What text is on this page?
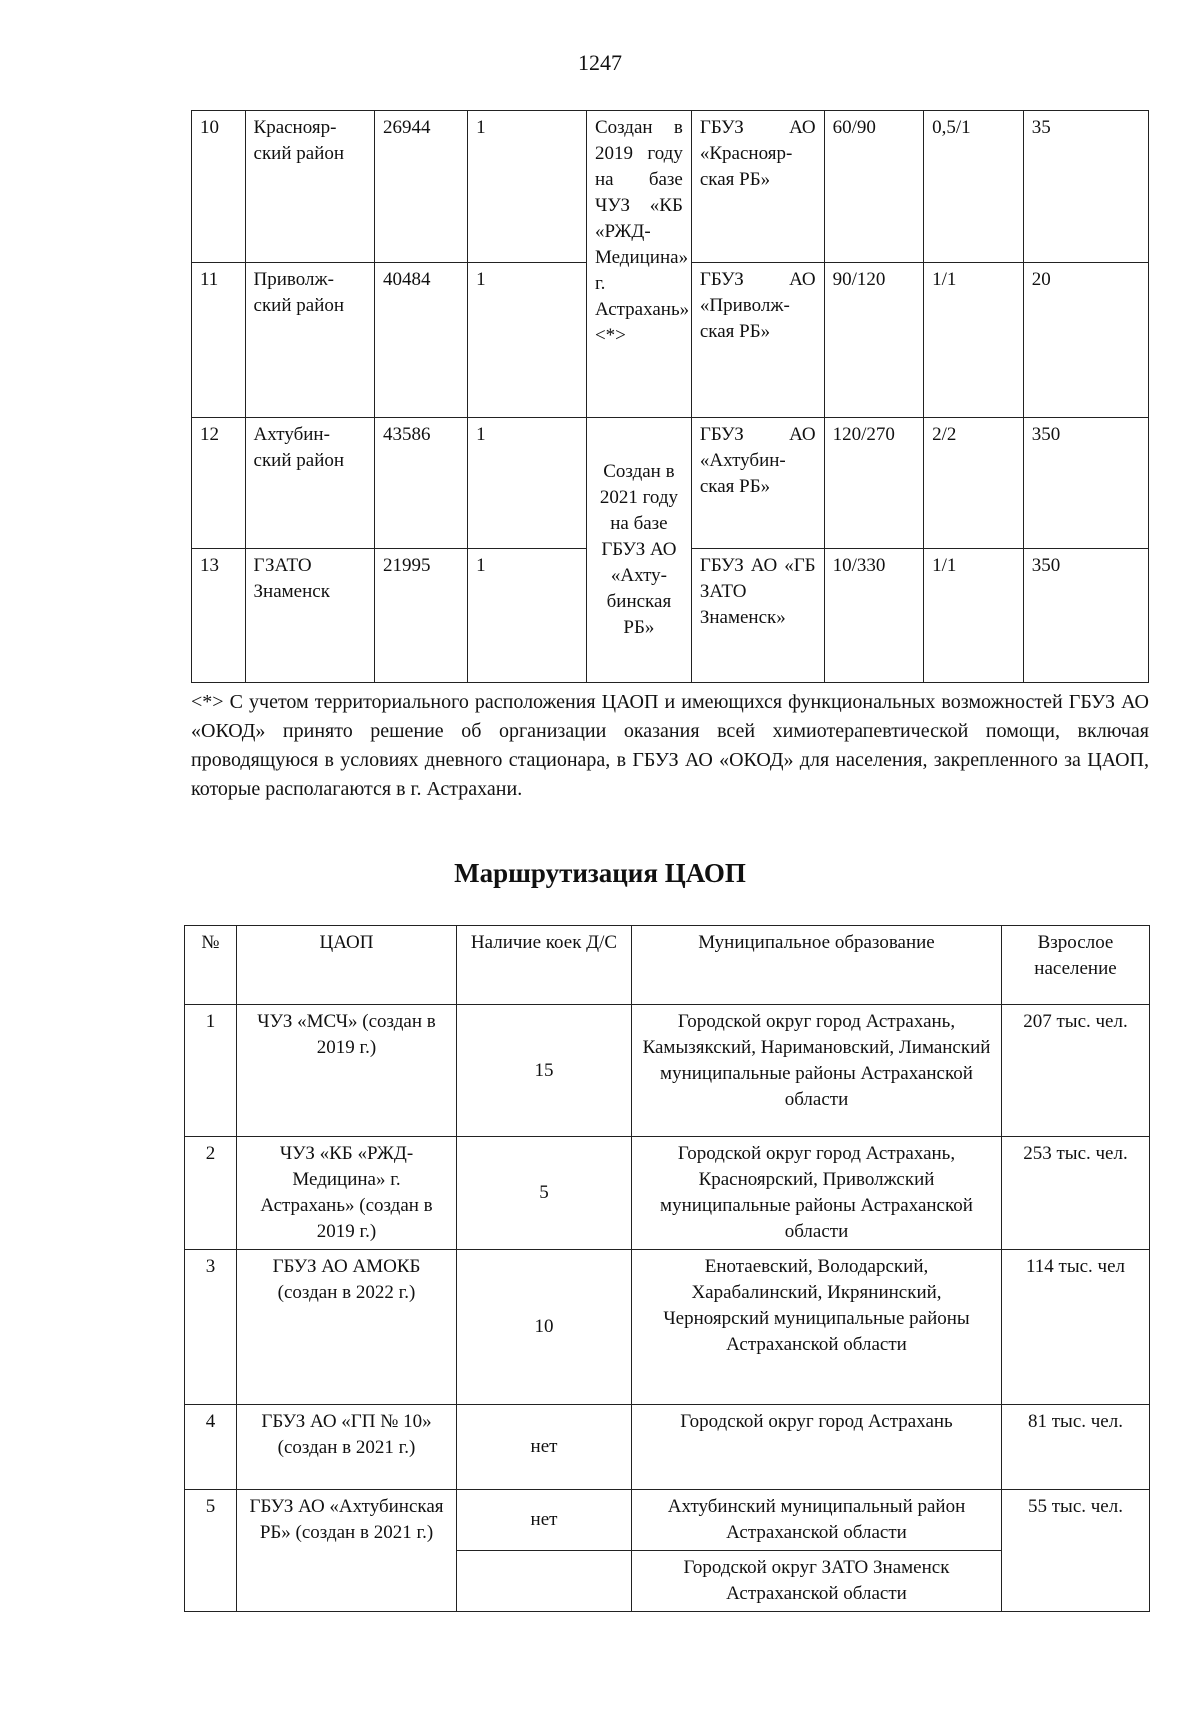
1247
10	Краснояр-ский район	26944	1	Создан в 2019 году на базе ЧУЗ «КБ «РЖД-Медицина» г. Астрахань» <*>	ГБУЗ АО «Краснояр-ская РБ»	60/90	0,5/1	35
11	Приволж-ский район	40484	1		ГБУЗ АО «Приволж-ская РБ»	90/120	1/1	20
12	Ахтубин-ский район	43586	1	Создан в 2021 году на базе ГБУЗ АО «Ахту-бинская РБ»	ГБУЗ АО «Ахтубин-ская РБ»	120/270	2/2	350
13	ГЗАТО Знаменск	21995	1		ГБУЗ АО «ГБ ЗАТО Знаменск»	10/330	1/1	350

<*> С учетом территориального расположения ЦАОП и имеющихся функциональных возможностей ГБУЗ АО «ОКОД» принято решение об организации оказания всей химиотерапевтической помощи, включая проводящуюся в условиях дневного стационара, в ГБУЗ АО «ОКОД» для населения, закрепленного за ЦАОП, которые располагаются в г. Астрахани.

Маршрутизация ЦАОП
№	ЦАОП	Наличие коек Д/С	Муниципальное образование	Взрослое население
1	ЧУЗ «МСЧ» (создан в 2019 г.)	15	Городской округ город Астрахань, Камызякский, Наримановский, Лиманский муниципальные районы Астраханской области	207 тыс. чел.
2	ЧУЗ «КБ «РЖД-Медицина» г. Астрахань» (создан в 2019 г.)	5	Городской округ город Астрахань, Красноярский, Приволжский муниципальные районы Астраханской области	253 тыс. чел.
3	ГБУЗ АО АМОКБ (создан в 2022 г.)	10	Енотаевский, Володарский, Харабалинский, Икрянинский, Черноярский муниципальные районы Астраханской области	114 тыс. чел
4	ГБУЗ АО «ГП № 10» (создан в 2021 г.)	нет	Городской округ город Астрахань	81 тыс. чел.
5	ГБУЗ АО «Ахтубинская РБ» (создан в 2021 г.)	нет	Ахтубинский муниципальный район Астраханской области	55 тыс. чел.
			Городской округ ЗАТО Знаменск Астраханской области	
